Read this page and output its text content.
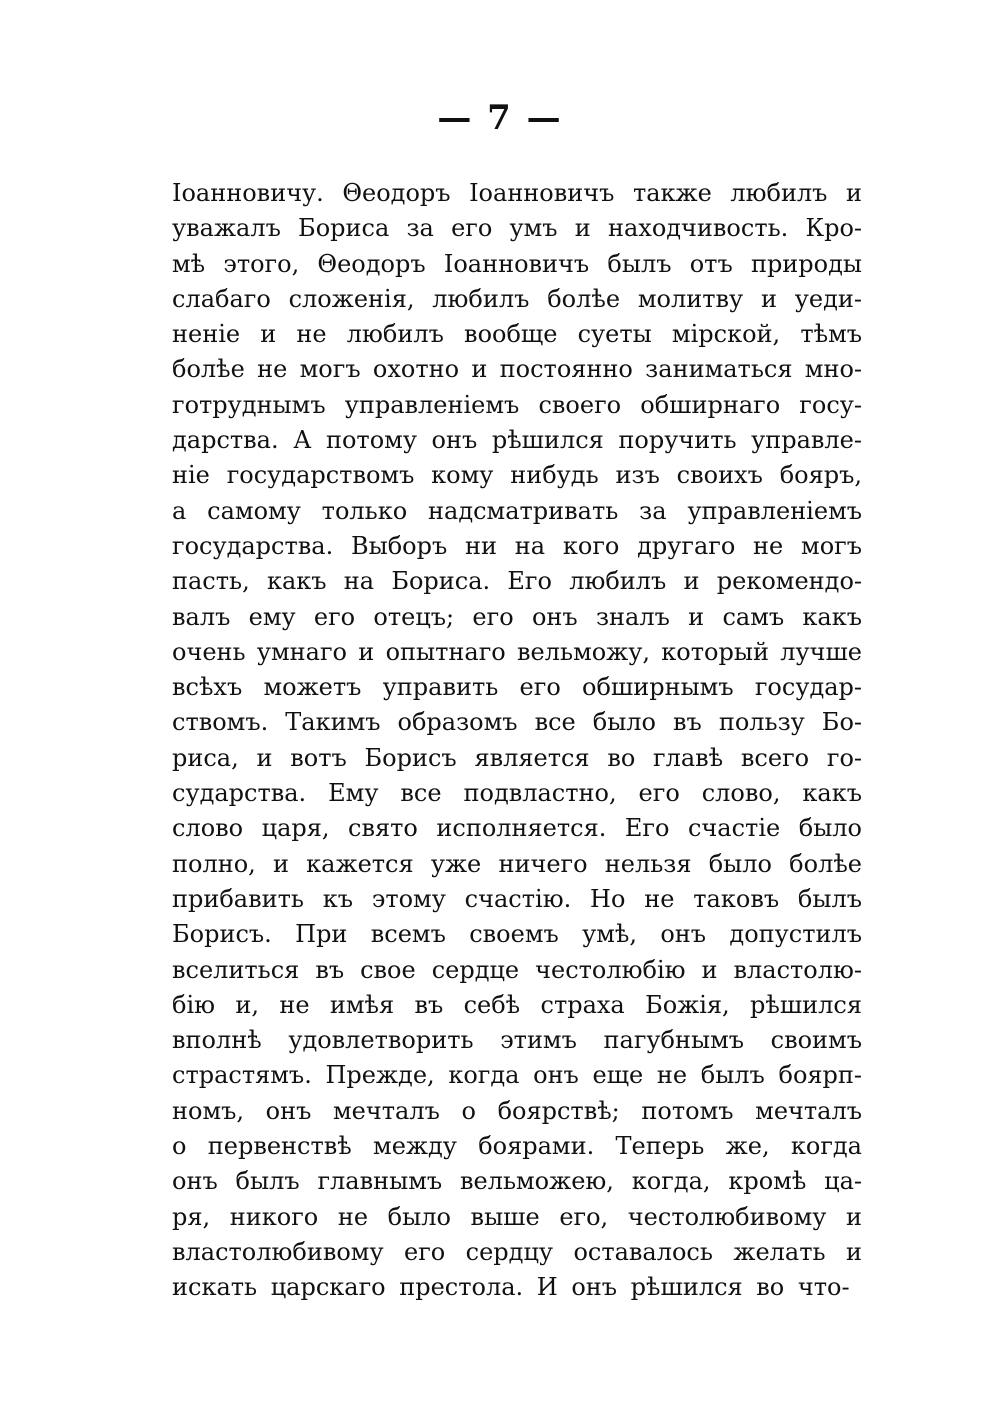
— 7 —
Іоанновичу. Θеодоръ Іоанновичъ также любилъ и
уважалъ Бориса за его умъ и находчивость. Кро-
мѣ этого, Θеодоръ Іоанновичъ былъ отъ природы
слабаго сложенія, любилъ болѣе молитву и уеди-
неніе и не любилъ вообще суеты мірской, тѣмъ
болѣе не могъ охотно и постоянно заниматься мно-
готруднымъ управленіемъ своего обширнаго госу-
дарства. А потому онъ рѣшился поручить управле-
ніе государствомъ кому нибудь изъ своихъ бояръ,
а самому только надсматривать за управленіемъ
государства. Выборъ ни на кого другаго не могъ
пасть, какъ на Бориса. Его любилъ и рекомендо-
валъ ему его отецъ; его онъ зналъ и самъ какъ
очень умнаго и опытнаго вельможу, который лучше
всѣхъ можетъ управить его обширнымъ государ-
ствомъ. Такимъ образомъ все было въ пользу Бо-
риса, и вотъ Борисъ является во главѣ всего го-
сударства. Ему все подвластно, его слово, какъ
слово царя, свято исполняется. Его счастіе было
полно, и кажется уже ничего нельзя было болѣе
прибавить къ этому счастію. Но не таковъ былъ
Борисъ. При всемъ своемъ умѣ, онъ допустилъ
вселиться въ свое сердце честолюбію и властолю-
бію и, не имѣя въ себѣ страха Божія, рѣшился
вполнѣ удовлетворить этимъ пагубнымъ своимъ
страстямъ. Прежде, когда онъ еще не былъ боярп-
номъ, онъ мечталъ о боярствѣ; потомъ мечталъ
о первенствѣ между боярами. Теперь же, когда
онъ былъ главнымъ вельможею, когда, кромѣ ца-
ря, никого не было выше его, честолюбивому и
властолюбивому его сердцу оставалось желать и
искать царскаго престола. И онъ рѣшился во что-
